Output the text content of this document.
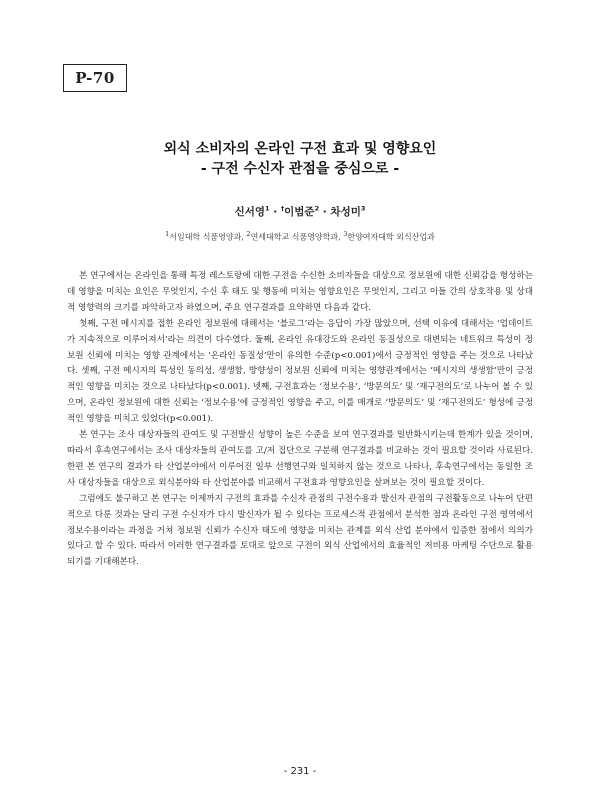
P-70
외식 소비자의 온라인 구전 효과 및 영향요인
- 구전 수신자 관점을 중심으로 -
신서영$^1$ · †이범준$^2$ · 차성미$^3$
$^1$서일대학 식품영양과, $^2$연세대학교 식품영양학과, $^3$한양여자대학 외식산업과

본 연구에서는 온라인을 통해 특정 레스토랑에 대한 구전을 수신한 소비자들을 대상으로 정보원에 대한 신뢰감을 형성하는데 영향을 미치는 요인은 무엇인지, 수신 후 태도 및 행동에 미치는 영향요인은 무엇인지, 그리고 이들 간의 상호작용 및 상대적 영향력의 크기를 파악하고자 하였으며, 주요 연구결과를 요약하면 다음과 같다.

첫째, 구전 메시지를 접한 온라인 정보원에 대해서는 ‘블로그’라는 응답이 가장 많았으며, 선택 이유에 대해서는 ‘업데이트가 지속적으로 이루어져서’라는 의견이 다수였다. 둘째, 온라인 유대강도와 온라인 동질성으로 대변되는 네트워크 특성이 정보원 신뢰에 미치는 영향 관계에서는 ‘온라인 동질성’만이 유의한 수준(p<0.001)에서 긍정적인 영향을 주는 것으로 나타났다. 셋째, 구전 메시지의 특성인 동의성, 생생함, 방향성이 정보원 신뢰에 미치는 영향관계에서는 ‘메시지의 생생함’만이 긍정적인 영향을 미치는 것으로 나타났다(p<0.001). 넷째, 구전효과는 ‘정보수용’, ‘방문의도’ 및 ‘재구전의도’로 나누어 볼 수 있으며, 온라인 정보원에 대한 신뢰는 ‘정보수용’에 긍정적인 영향을 주고, 이를 매개로 ‘방문의도’ 및 ‘재구전의도’ 형성에 긍정적인 영향을 미치고 있었다(p<0.001).

본 연구는 조사 대상자들의 관여도 및 구전발신 성향이 높은 수준을 보여 연구결과를 일반화시키는데 한계가 있을 것이며, 따라서 후속연구에서는 조사 대상자들의 관여도를 고/저 집단으로 구분해 연구결과를 비교하는 것이 필요할 것이라 사료된다. 한편 본 연구의 결과가 타 산업분야에서 이루어진 일부 선행연구와 일치하지 않는 것으로 나타나, 후속연구에서는 동일한 조사 대상자들을 대상으로 외식분야와 타 산업분야를 비교해서 구전효과 영향요인을 살펴보는 것이 필요할 것이다.

그럼에도 불구하고 본 연구는 이제까지 구전의 효과를 수신자 관점의 구전수용과 발신자 관점의 구전활동으로 나누어 단편적으로 다룬 것과는 달리 구전 수신자가 다시 발신자가 될 수 있다는 프로세스적 관점에서 분석한 점과 온라인 구전 영역에서 정보수용이라는 과정을 거쳐 정보원 신뢰가 수신자 태도에 영향을 미치는 관계를 외식 산업 분야에서 입증한 점에서 의의가 있다고 할 수 있다. 따라서 이러한 연구결과를 토대로 앞으로 구전이 외식 산업에서의 효율적인 저비용 마케팅 수단으로 활용되기를 기대해본다.

- 231 -
